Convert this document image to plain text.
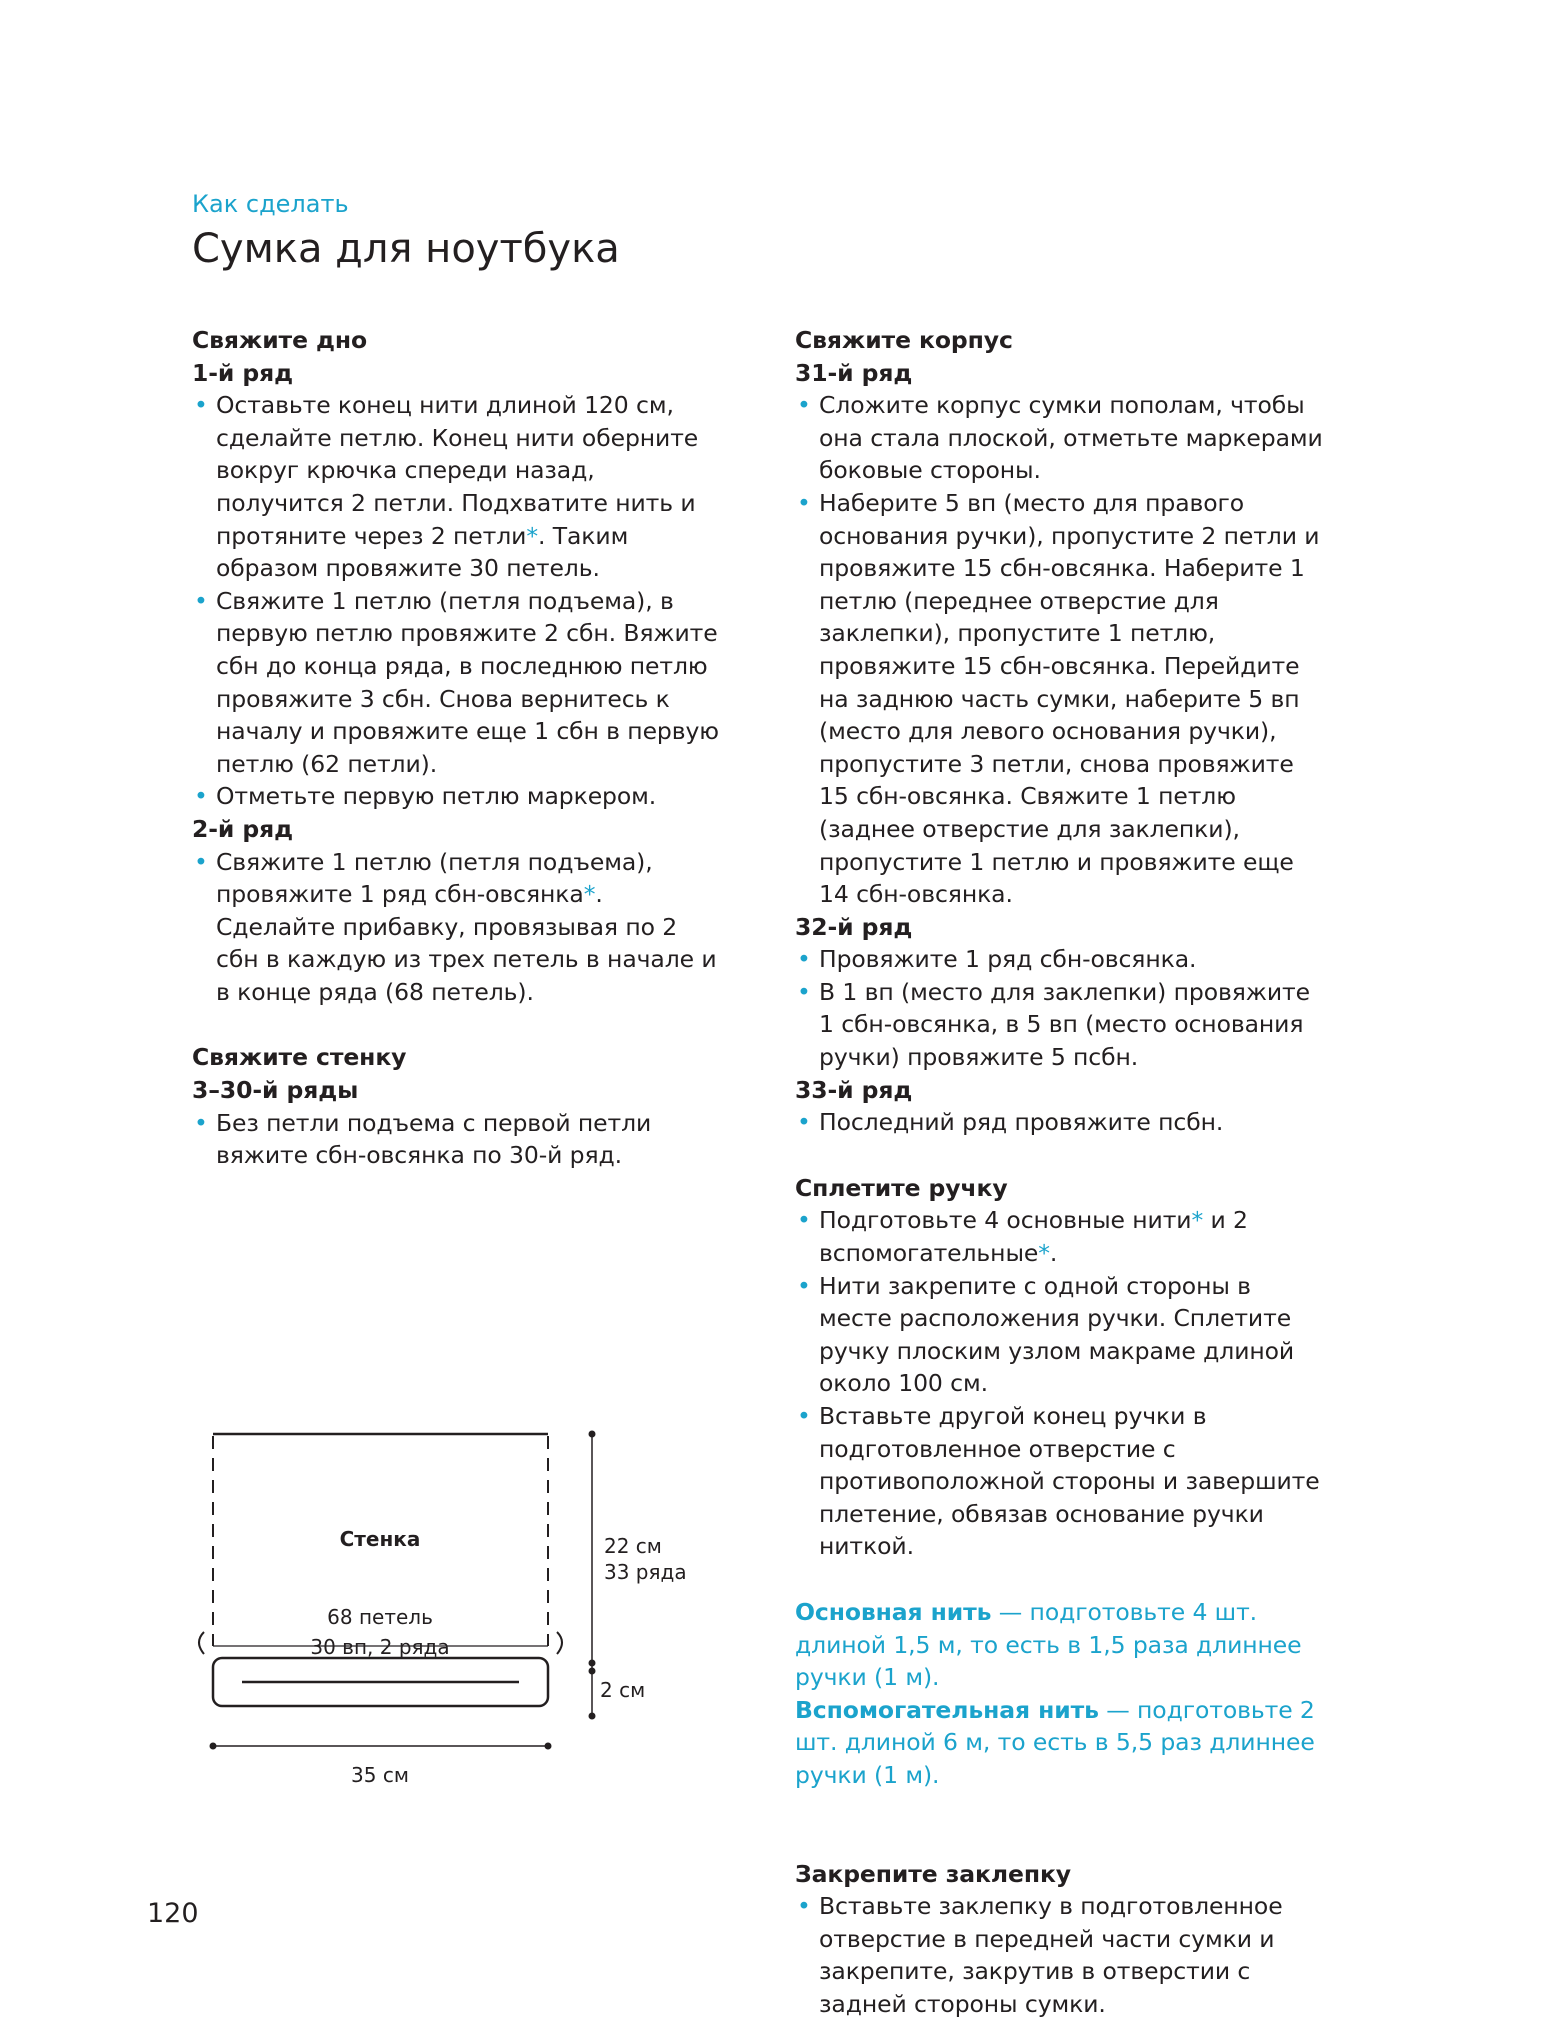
Как сделать
Сумка для ноутбука
Свяжите дно
1-й ряд
• Оставьте конец нити длиной 120 см, сделайте петлю. Конец нити оберните вокруг крючка спереди назад, получится 2 петли. Подхватите нить и протяните через 2 петли*. Таким образом провяжите 30 петель.
• Свяжите 1 петлю (петля подъема), в первую петлю провяжите 2 сбн. Вяжите сбн до конца ряда, в последнюю петлю провяжите 3 сбн. Снова вернитесь к началу и провяжите еще 1 сбн в первую петлю (62 петли).
• Отметьте первую петлю маркером.
2-й ряд
• Свяжите 1 петлю (петля подъема), провяжите 1 ряд сбн-овсянка*. Сделайте прибавку, провязывая по 2 сбн в каждую из трех петель в начале и в конце ряда (68 петель).
Свяжите стенку
3–30-й ряды
• Без петли подъема с первой петли вяжите сбн-овсянка по 30-й ряд.
Свяжите корпус
31-й ряд
• Сложите корпус сумки пополам, чтобы она стала плоской, отметьте маркерами боковые стороны.
• Наберите 5 вп (место для правого основания ручки), пропустите 2 петли и провяжите 15 сбн-овсянка. Наберите 1 петлю (переднее отверстие для заклепки), пропустите 1 петлю, провяжите 15 сбн-овсянка. Перейдите на заднюю часть сумки, наберите 5 вп (место для левого основания ручки), пропустите 3 петли, снова провяжите 15 сбн-овсянка. Свяжите 1 петлю (заднее отверстие для заклепки), пропустите 1 петлю и провяжите еще 14 сбн-овсянка.
32-й ряд
• Провяжите 1 ряд сбн-овсянка.
• В 1 вп (место для заклепки) провяжите 1 сбн-овсянка, в 5 вп (место основания ручки) провяжите 5 псбн.
33-й ряд
• Последний ряд провяжите псбн.
Сплетите ручку
• Подготовьте 4 основные нити* и 2 вспомогательные*.
• Нити закрепите с одной стороны в месте расположения ручки. Сплетите ручку плоским узлом макраме длиной около 100 см.
• Вставьте другой конец ручки в подготовленное отверстие с противоположной стороны и завершите плетение, обвязав основание ручки ниткой.
Основная нить — подготовьте 4 шт. длиной 1,5 м, то есть в 1,5 раза длиннее ручки (1 м).
Вспомогательная нить — подготовьте 2 шт. длиной 6 м, то есть в 5,5 раз длиннее ручки (1 м).
Закрепите заклепку
• Вставьте заклепку в подготовленное отверстие в передней части сумки и закрепите, закрутив в отверстии с задней стороны сумки.
Стенка
68 петель
30 вп, 2 ряда
22 см
33 ряда
2 см
35 см
120
